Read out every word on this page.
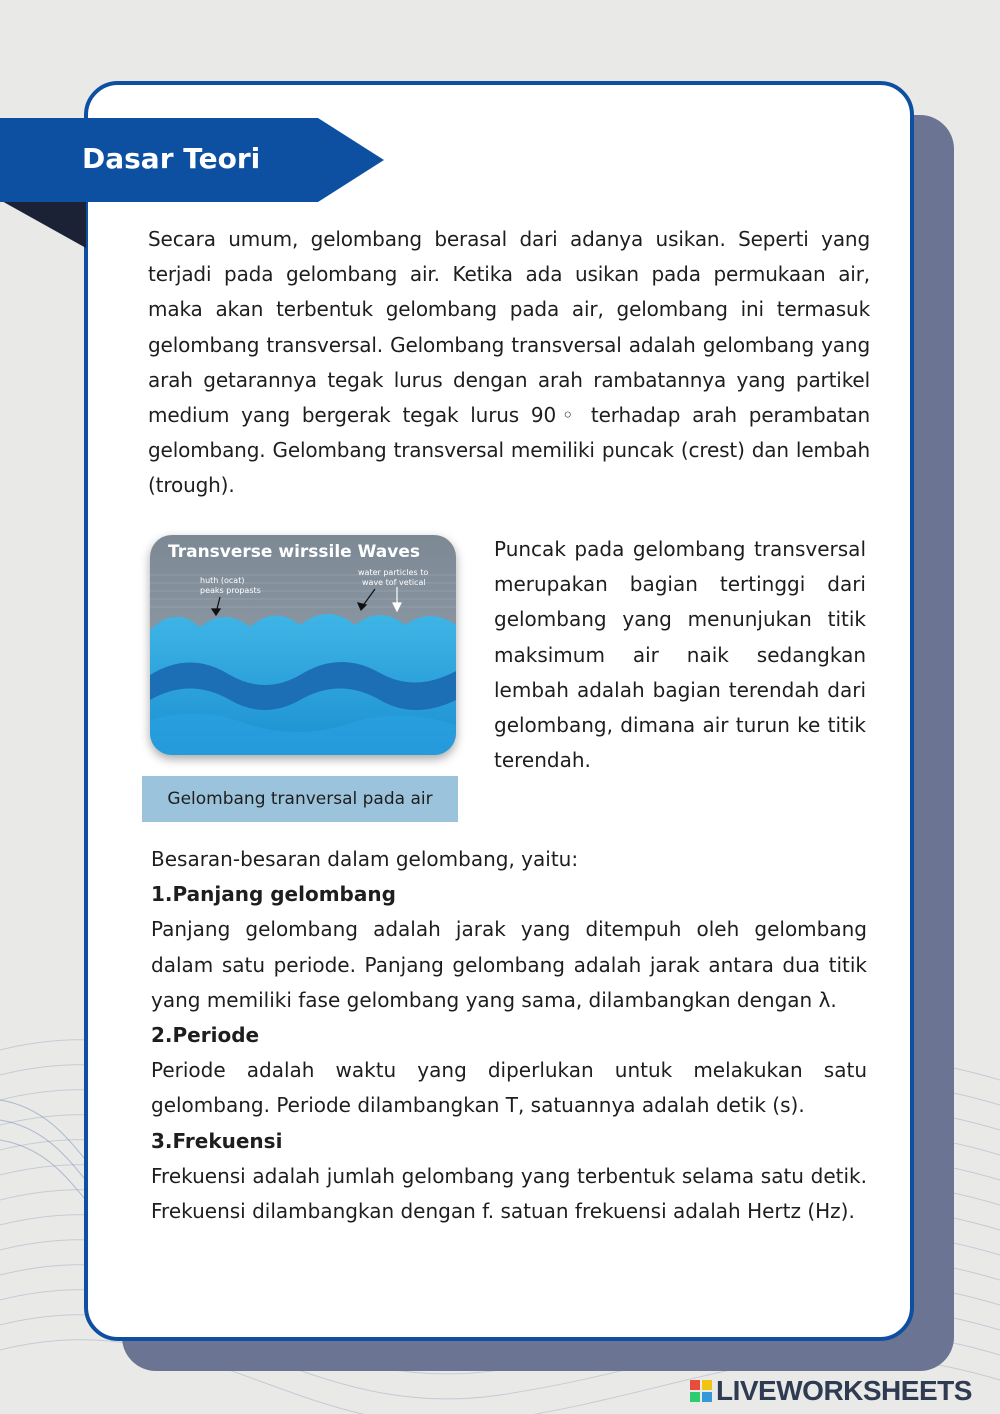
Dasar Teori

Secara umum, gelombang berasal dari adanya usikan. Seperti yang terjadi pada gelombang air. Ketika ada usikan pada permukaan air, maka akan terbentuk gelombang pada air, gelombang ini termasuk gelombang transversal. Gelombang transversal adalah gelombang yang arah getarannya tegak lurus dengan arah rambatannya yang partikel medium yang bergerak tegak lurus 90◦ terhadap arah perambatan gelombang. Gelombang transversal memiliki puncak (crest) dan lembah (trough).

Transverse wirssile Waves
huth (ocat)
peaks propasts
water particles to
wave tof vetical
Gelombang tranversal pada air

Puncak pada gelombang transversal merupakan bagian tertinggi dari gelombang yang menunjukan titik maksimum air naik sedangkan lembah adalah bagian terendah dari gelombang, dimana air turun ke titik terendah.

Besaran-besaran dalam gelombang, yaitu:
1.Panjang gelombang
Panjang gelombang adalah jarak yang ditempuh oleh gelombang dalam satu periode. Panjang gelombang adalah jarak antara dua titik yang memiliki fase gelombang yang sama, dilambangkan dengan λ.
2.Periode
Periode adalah waktu yang diperlukan untuk melakukan satu gelombang. Periode dilambangkan T, satuannya adalah detik (s).
3.Frekuensi
Frekuensi adalah jumlah gelombang yang terbentuk selama satu detik. Frekuensi dilambangkan dengan f. satuan frekuensi adalah Hertz (Hz).
LIVEWORKSHEETS
